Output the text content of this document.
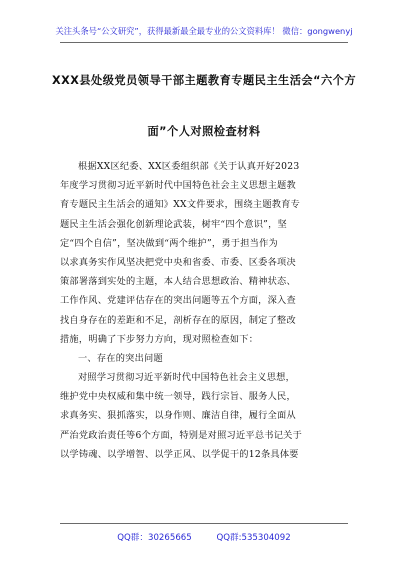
关注头条号“公文研究”，获得最新最全最专业的公文资料库！ 微信：gongwenyj
XXX县处级党员领导干部主题教育专题民主生活会“六个方
面”个人对照检查材料
根据XX区纪委、XX区委组织部《关于认真开好2023
年度学习贯彻习近平新时代中国特色社会主义思想主题教
育专题民主生活会的通知》XX文件要求，围绕主题教育专
题民主生活会强化创新理论武装，树牢“四个意识”，坚
定“四个自信”，坚决做到“两个维护”，勇于担当作为
以求真务实作风坚决把党中央和省委、市委、区委各项决
策部署落到实处的主题，本人结合思想政治、精神状态、
工作作风、党建评估存在的突出问题等五个方面，深入查
找自身存在的差距和不足，剖析存在的原因，制定了整改
措施，明确了下步努力方向，现对照检查如下：
一、存在的突出问题
对照学习贯彻习近平新时代中国特色社会主义思想，
维护党中央权威和集中统一领导，践行宗旨、服务人民，
求真务实、狠抓落实，以身作则、廉洁自律，履行全面从
严治党政治责任等6个方面，特别是对照习近平总书记关于
以学铸魂、以学增智、以学正风、以学促干的12条具体要
QQ群：30265665	QQ群:535304092
